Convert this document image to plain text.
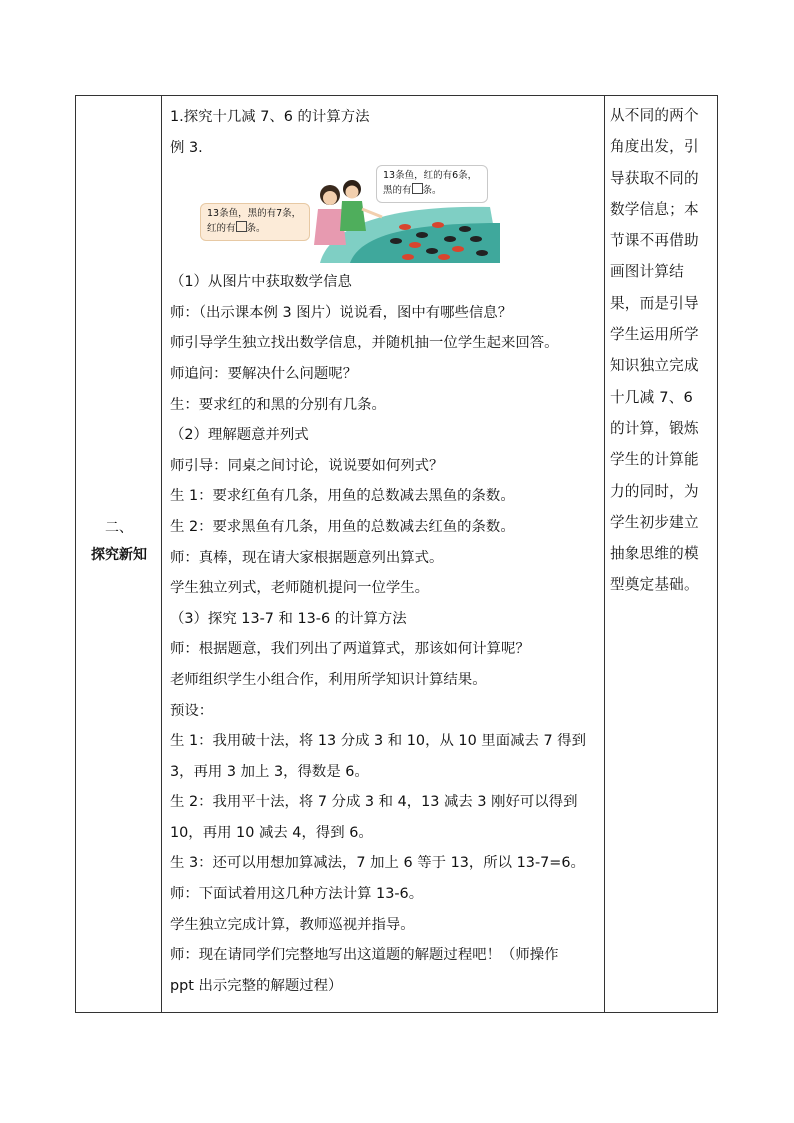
二、
探究新知
1.探究十几减 7、6 的计算方法
例 3.
13条鱼，红的有6条，
黑的有 条。
13条鱼，黑的有7条，
红的有 条。
（1）从图片中获取数学信息
师：（出示课本例 3 图片）说说看，图中有哪些信息？
师引导学生独立找出数学信息，并随机抽一位学生起来回答。
师追问：要解决什么问题呢？
生：要求红的和黑的分别有几条。
（2）理解题意并列式
师引导：同桌之间讨论，说说要如何列式？
生 1：要求红鱼有几条，用鱼的总数减去黑鱼的条数。
生 2：要求黑鱼有几条，用鱼的总数减去红鱼的条数。
师：真棒，现在请大家根据题意列出算式。
学生独立列式，老师随机提问一位学生。
（3）探究 13-7 和 13-6 的计算方法
师：根据题意，我们列出了两道算式，那该如何计算呢？
老师组织学生小组合作，利用所学知识计算结果。
预设：
生 1：我用破十法，将 13 分成 3 和 10，从 10 里面减去 7 得到
3，再用 3 加上 3，得数是 6。
生 2：我用平十法，将 7 分成 3 和 4，13 减去 3 刚好可以得到
10，再用 10 减去 4，得到 6。
生 3：还可以用想加算减法，7 加上 6 等于 13，所以 13-7=6。
师：下面试着用这几种方法计算 13-6。
学生独立完成计算，教师巡视并指导。
师：现在请同学们完整地写出这道题的解题过程吧！（师操作
ppt 出示完整的解题过程）
从不同的两个
角度出发，引
导获取不同的
数学信息；本
节课不再借助
画图计算结
果，而是引导
学生运用所学
知识独立完成
十几减 7、6
的计算，锻炼
学生的计算能
力的同时，为
学生初步建立
抽象思维的模
型奠定基础。
